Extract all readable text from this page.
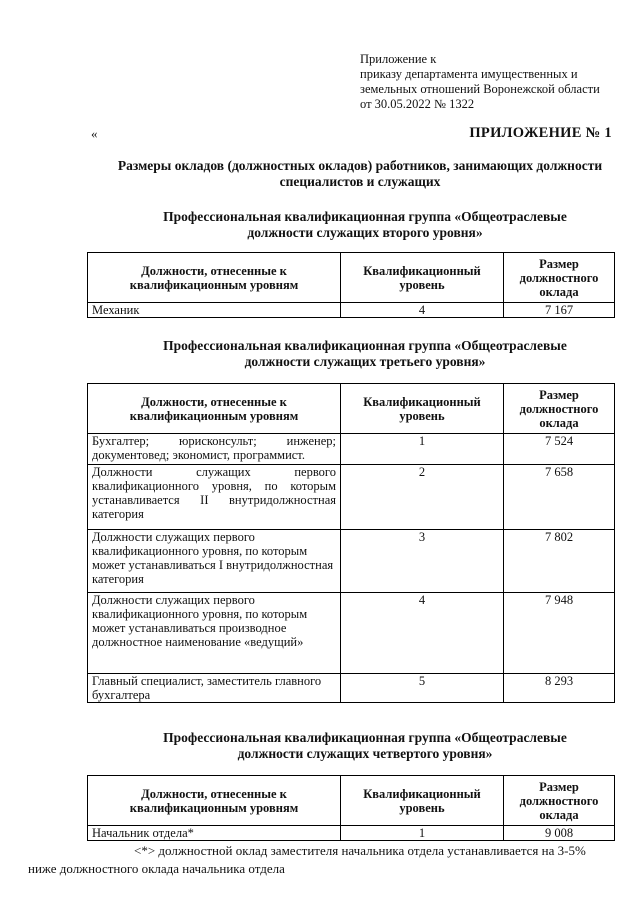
Приложение к
приказу департамента имущественных и
земельных отношений Воронежской области
от 30.05.2022 № 1322
«	ПРИЛОЖЕНИЕ № 1
Размеры окладов (должностных окладов) работников, занимающих должности специалистов и служащих
Профессиональная квалификационная группа «Общеотраслевые должности служащих второго уровня»
Должности, отнесенные к квалификационным уровням	Квалификационный уровень	Размер должностного оклада
Механик	4	7 167
Профессиональная квалификационная группа «Общеотраслевые должности служащих третьего уровня»
Должности, отнесенные к квалификационным уровням	Квалификационный уровень	Размер должностного оклада
Бухгалтер; юрисконсульт; инженер; документовед; экономист, программист.	1	7 524
Должности служащих первого квалификационного уровня, по которым устанавливается II внутридолжностная категория	2	7 658
Должности служащих первого квалификационного уровня, по которым может устанавливаться I внутридолжностная категория	3	7 802
Должности служащих первого квалификационного уровня, по которым может устанавливаться производное должностное наименование «ведущий»	4	7 948
Главный специалист, заместитель главного бухгалтера	5	8 293
Профессиональная квалификационная группа «Общеотраслевые должности служащих четвертого уровня»
Должности, отнесенные к квалификационным уровням	Квалификационный уровень	Размер должностного оклада
Начальник отдела*	1	9 008
<*> должностной оклад заместителя начальника отдела устанавливается на 3-5% ниже должностного оклада начальника отдела
